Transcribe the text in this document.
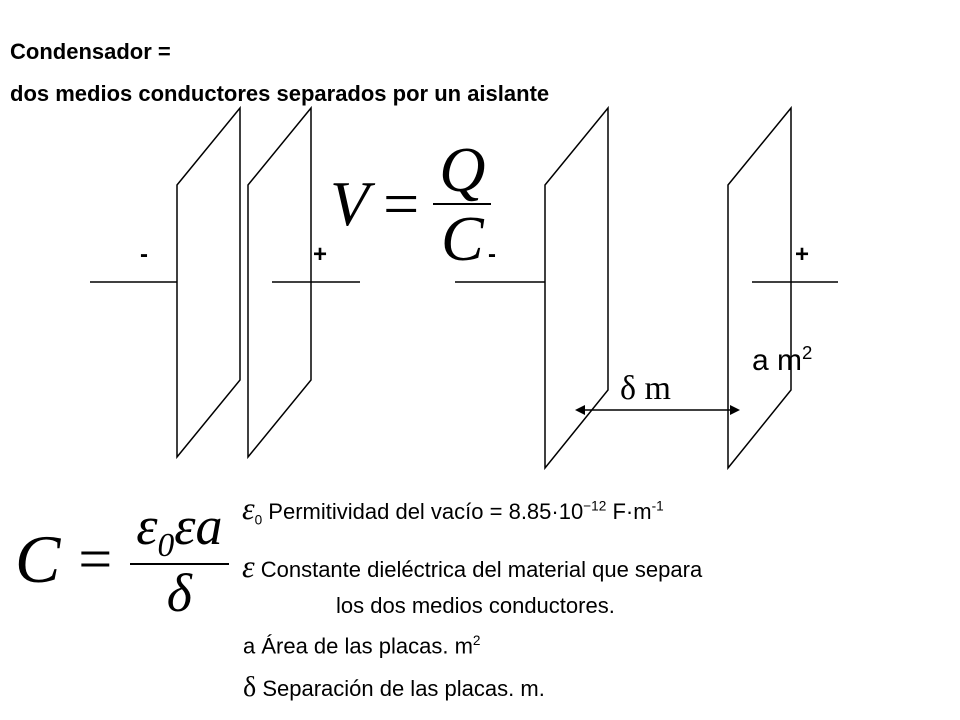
Condensador =
dos medios conductores separados por un aislante
-	+	-	+
a $m^2$
δ m
$V = \frac{Q}{C}$
$C = \frac{\varepsilon_0\varepsilon a}{\delta} \varepsilon_0$ Permitividad del vacío = $8.85\cdot 10^{-12}$ $F\cdot m^{-1}$
ε Constante dieléctrica del material que separa
los dos medios conductores.
a Área de las placas. $m^2$
δ Separación de las placas. m.
